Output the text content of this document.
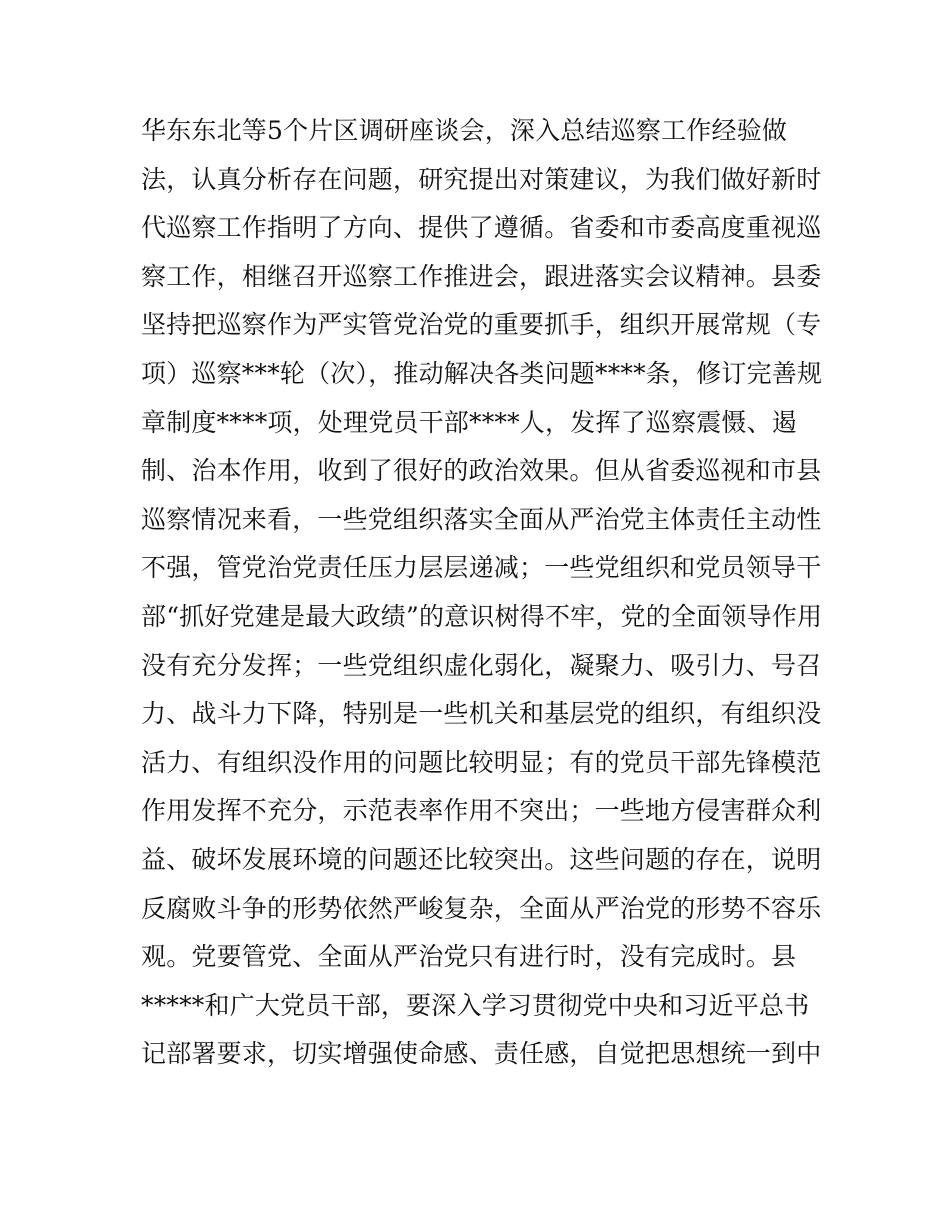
华东东北等5个片区调研座谈会，深入总结巡察工作经验做
法，认真分析存在问题，研究提出对策建议，为我们做好新时
代巡察工作指明了方向、提供了遵循。省委和市委高度重视巡
察工作，相继召开巡察工作推进会，跟进落实会议精神。县委
坚持把巡察作为严实管党治党的重要抓手，组织开展常规（专
项）巡察***轮（次），推动解决各类问题****条，修订完善规
章制度****项，处理党员干部****人，发挥了巡察震慑、遏
制、治本作用，收到了很好的政治效果。但从省委巡视和市县
巡察情况来看，一些党组织落实全面从严治党主体责任主动性
不强，管党治党责任压力层层递减；一些党组织和党员领导干
部“抓好党建是最大政绩”的意识树得不牢，党的全面领导作用
没有充分发挥；一些党组织虚化弱化，凝聚力、吸引力、号召
力、战斗力下降，特别是一些机关和基层党的组织，有组织没
活力、有组织没作用的问题比较明显；有的党员干部先锋模范
作用发挥不充分，示范表率作用不突出；一些地方侵害群众利
益、破坏发展环境的问题还比较突出。这些问题的存在，说明
反腐败斗争的形势依然严峻复杂，全面从严治党的形势不容乐
观。党要管党、全面从严治党只有进行时，没有完成时。县
*****和广大党员干部，要深入学习贯彻党中央和习近平总书
记部署要求，切实增强使命感、责任感，自觉把思想统一到中
